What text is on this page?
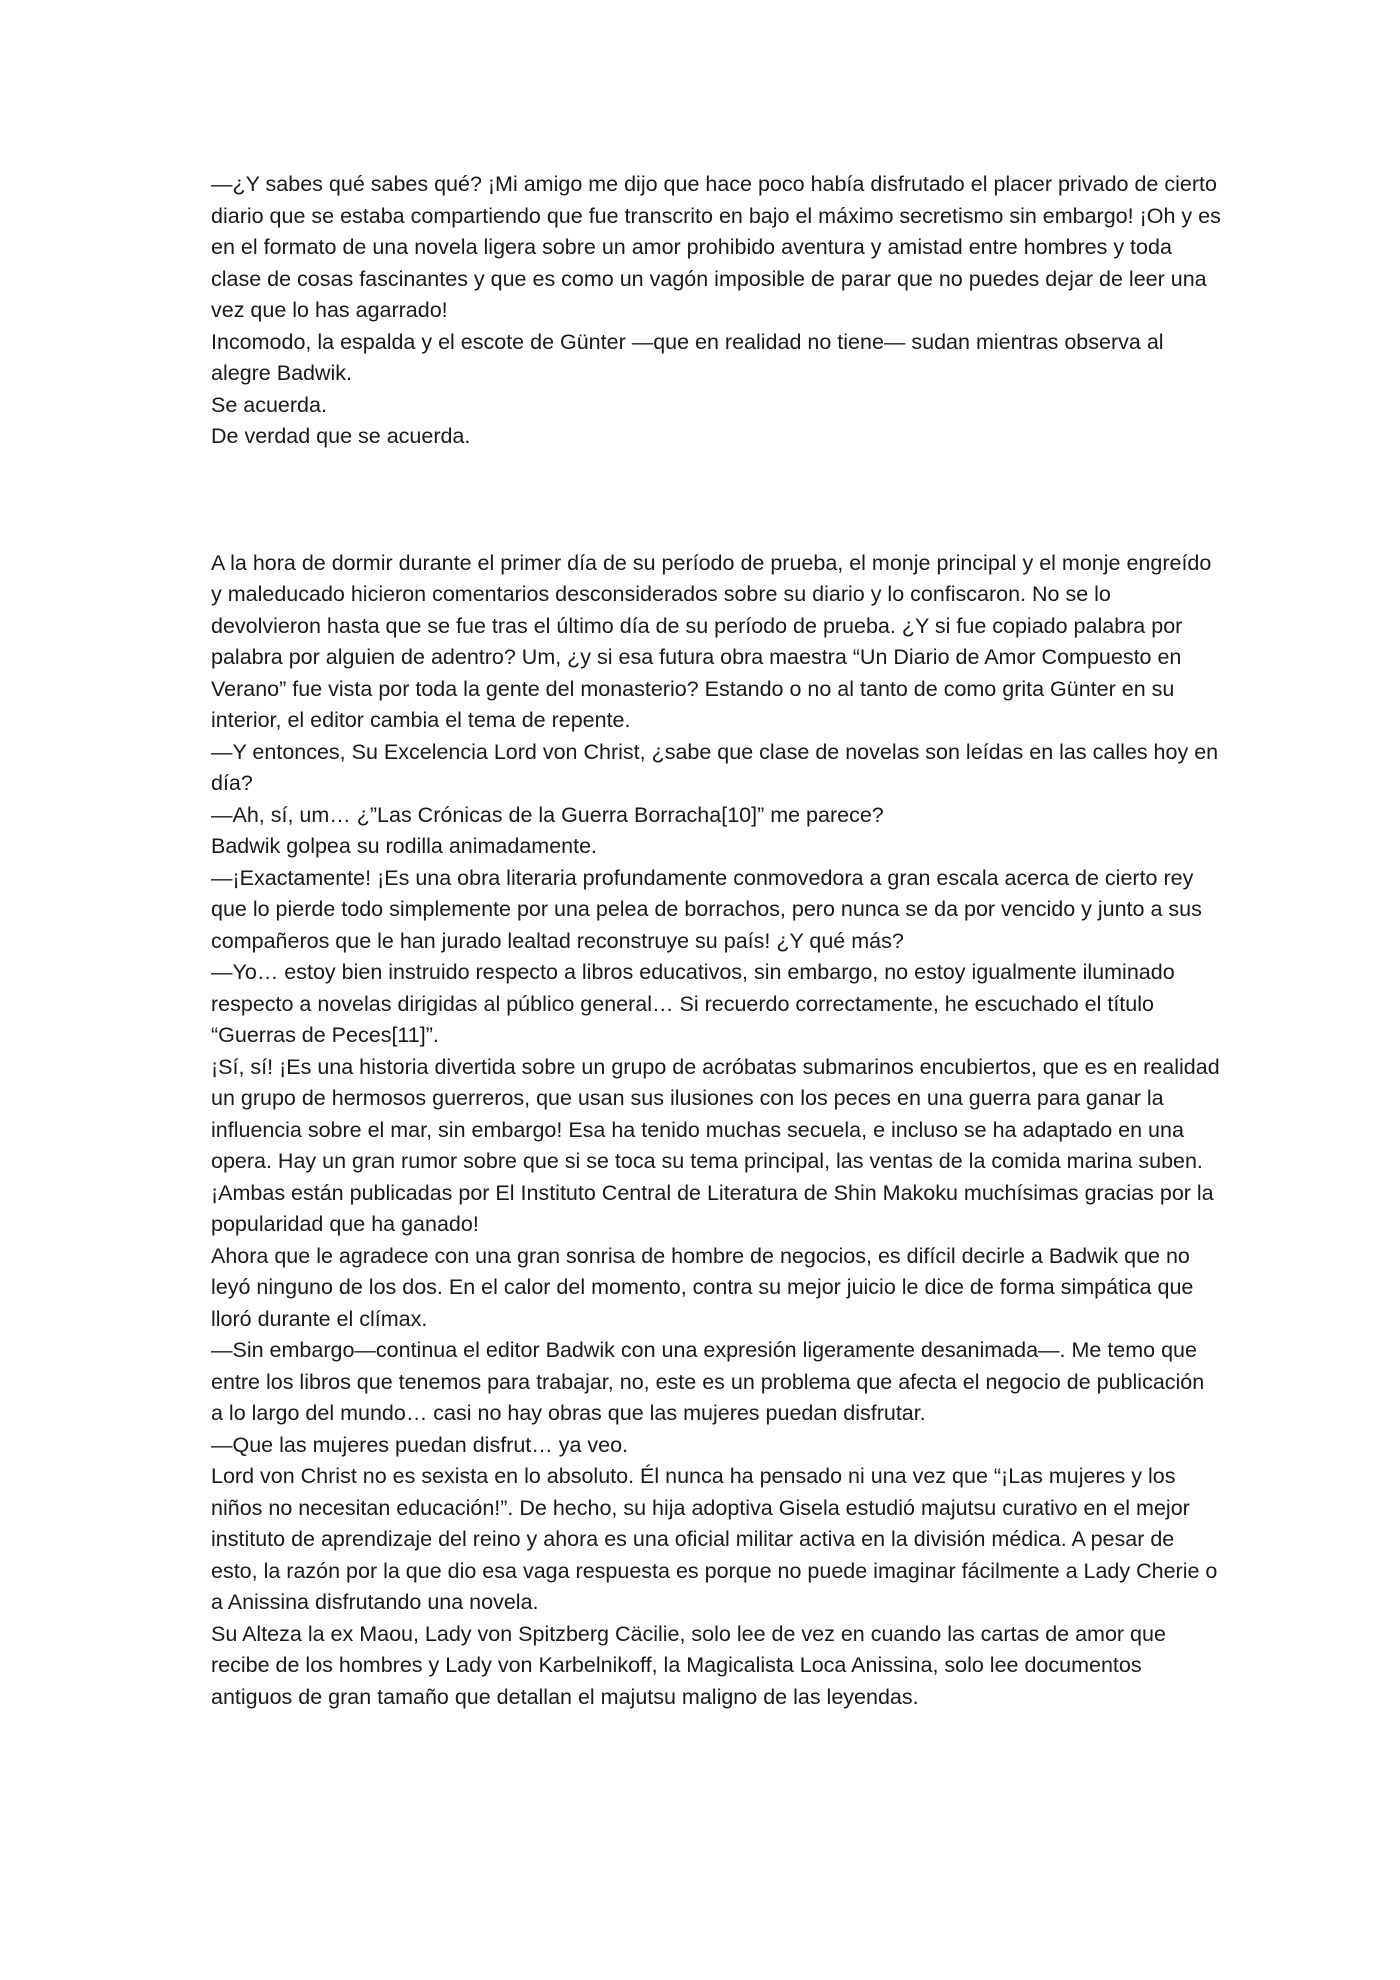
—¿Y sabes qué sabes qué? ¡Mi amigo me dijo que hace poco había disfrutado el placer privado de cierto diario que se estaba compartiendo que fue transcrito en bajo el máximo secretismo sin embargo! ¡Oh y es en el formato de una novela ligera sobre un amor prohibido aventura y amistad entre hombres y toda clase de cosas fascinantes y que es como un vagón imposible de parar que no puedes dejar de leer una vez que lo has agarrado!

Incomodo, la espalda y el escote de Günter —que en realidad no tiene— sudan mientras observa al alegre Badwik.

Se acuerda.

De verdad que se acuerda.

A la hora de dormir durante el primer día de su período de prueba, el monje principal y el monje engreído y maleducado hicieron comentarios desconsiderados sobre su diario y lo confiscaron. No se lo devolvieron hasta que se fue tras el último día de su período de prueba. ¿Y si fue copiado palabra por palabra por alguien de adentro? Um, ¿y si esa futura obra maestra “Un Diario de Amor Compuesto en Verano” fue vista por toda la gente del monasterio? Estando o no al tanto de como grita Günter en su interior, el editor cambia el tema de repente.

—Y entonces, Su Excelencia Lord von Christ, ¿sabe que clase de novelas son leídas en las calles hoy en día?

—Ah, sí, um… ¿”Las Crónicas de la Guerra Borracha[10]” me parece?

Badwik golpea su rodilla animadamente.

—¡Exactamente! ¡Es una obra literaria profundamente conmovedora a gran escala acerca de cierto rey que lo pierde todo simplemente por una pelea de borrachos, pero nunca se da por vencido y junto a sus compañeros que le han jurado lealtad reconstruye su país! ¿Y qué más?

—Yo… estoy bien instruido respecto a libros educativos, sin embargo, no estoy igualmente iluminado respecto a novelas dirigidas al público general… Si recuerdo correctamente, he escuchado el título “Guerras de Peces[11]”.

¡Sí, sí! ¡Es una historia divertida sobre un grupo de acróbatas submarinos encubiertos, que es en realidad un grupo de hermosos guerreros, que usan sus ilusiones con los peces en una guerra para ganar la influencia sobre el mar, sin embargo! Esa ha tenido muchas secuela, e incluso se ha adaptado en una opera. Hay un gran rumor sobre que si se toca su tema principal, las ventas de la comida marina suben. ¡Ambas están publicadas por El Instituto Central de Literatura de Shin Makoku muchísimas gracias por la popularidad que ha ganado!

Ahora que le agradece con una gran sonrisa de hombre de negocios, es difícil decirle a Badwik que no leyó ninguno de los dos. En el calor del momento, contra su mejor juicio le dice de forma simpática que lloró durante el clímax.

—Sin embargo—continua el editor Badwik con una expresión ligeramente desanimada—. Me temo que entre los libros que tenemos para trabajar, no, este es un problema que afecta el negocio de publicación a lo largo del mundo… casi no hay obras que las mujeres puedan disfrutar.

—Que las mujeres puedan disfrut… ya veo.

Lord von Christ no es sexista en lo absoluto. Él nunca ha pensado ni una vez que “¡Las mujeres y los niños no necesitan educación!”. De hecho, su hija adoptiva Gisela estudió majutsu curativo en el mejor instituto de aprendizaje del reino y ahora es una oficial militar activa en la división médica. A pesar de esto, la razón por la que dio esa vaga respuesta es porque no puede imaginar fácilmente a Lady Cherie o a Anissina disfrutando una novela.

Su Alteza la ex Maou, Lady von Spitzberg Cäcilie, solo lee de vez en cuando las cartas de amor que recibe de los hombres y Lady von Karbelnikoff, la Magicalista Loca Anissina, solo lee documentos antiguos de gran tamaño que detallan el majutsu maligno de las leyendas.
